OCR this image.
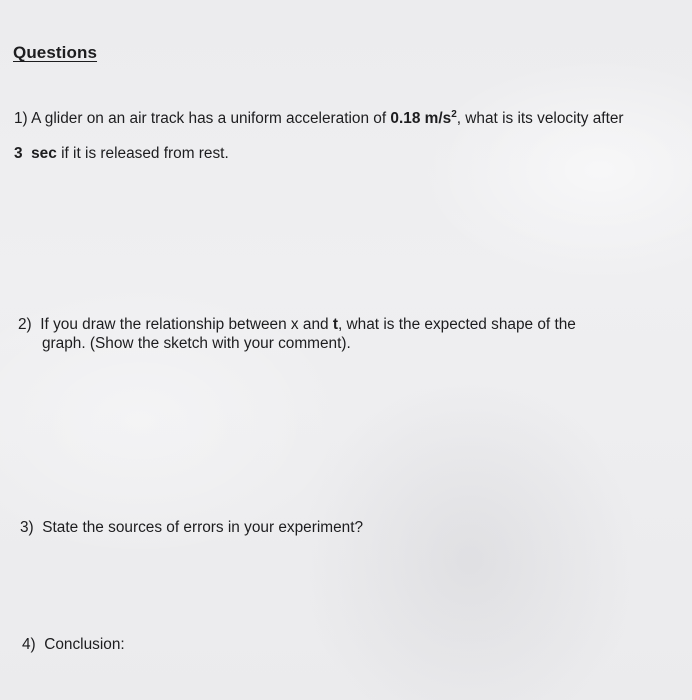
Questions
1) A glider on an air track has a uniform acceleration of 0.18 $m/s^2$, what is its velocity after
3 sec if it is released from rest.
2) If you draw the relationship between x and t, what is the expected shape of the
graph. (Show the sketch with your comment).
3) State the sources of errors in your experiment?
4) Conclusion:
